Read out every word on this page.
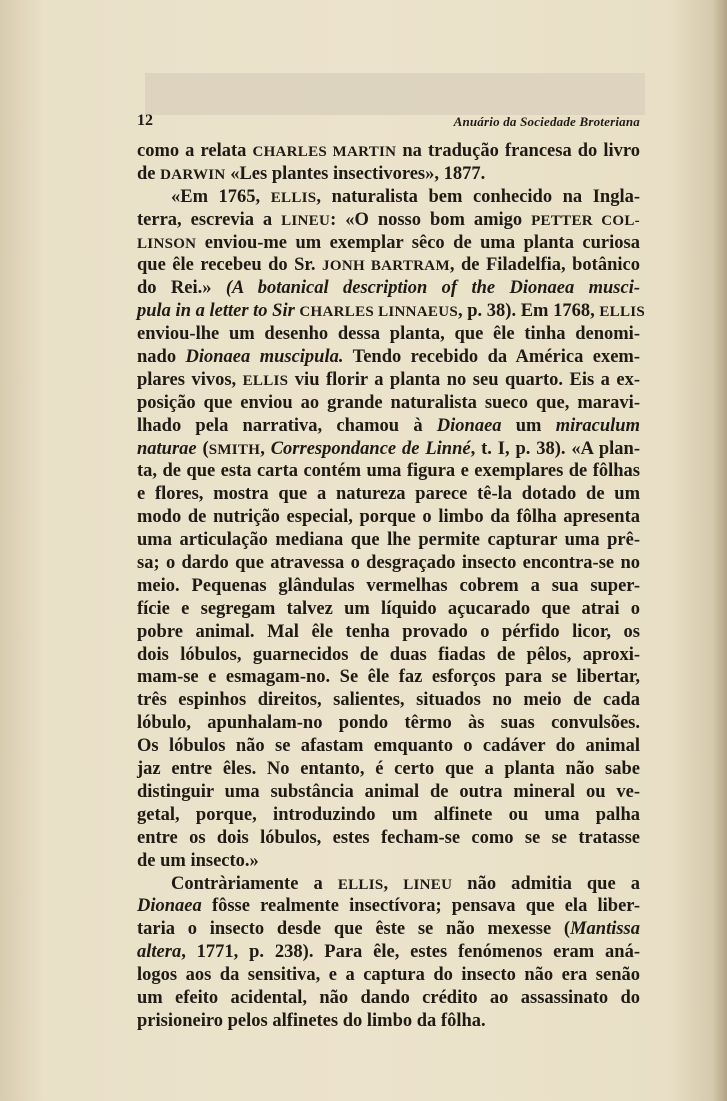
12	Anuário da Sociedade Broteriana
como a relata CHARLES MARTIN na tradução francesa do livro
de DARWIN «Les plantes insectivores», 1877.
«Em 1765, ELLIS, naturalista bem conhecido na Ingla-
terra, escrevia a LINEU: «O nosso bom amigo PETTER COL-
LINSON enviou-me um exemplar sêco de uma planta curiosa
que êle recebeu do Sr. JONH BARTRAM, de Filadelfia, botânico
do Rei.» (A botanical description of the Dionaea musci-
pula in a letter to Sir CHARLES LINNAEUS, p. 38). Em 1768, ELLIS
enviou-lhe um desenho dessa planta, que êle tinha denomi-
nado Dionaea muscipula. Tendo recebido da América exem-
plares vivos, ELLIS viu florir a planta no seu quarto. Eis a ex-
posição que enviou ao grande naturalista sueco que, maravi-
lhado pela narrativa, chamou à Dionaea um miraculum
naturae (SMITH, Correspondance de Linné, t. I, p. 38). «A plan-
ta, de que esta carta contém uma figura e exemplares de fôlhas
e flores, mostra que a natureza parece tê-la dotado de um
modo de nutrição especial, porque o limbo da fôlha apresenta
uma articulação mediana que lhe permite capturar uma prê-
sa; o dardo que atravessa o desgraçado insecto encontra-se no
meio. Pequenas glândulas vermelhas cobrem a sua super-
fície e segregam talvez um líquido açucarado que atrai o
pobre animal. Mal êle tenha provado o pérfido licor, os
dois lóbulos, guarnecidos de duas fiadas de pêlos, aproxi-
mam-se e esmagam-no. Se êle faz esforços para se libertar,
três espinhos direitos, salientes, situados no meio de cada
lóbulo, apunhalam-no pondo têrmo às suas convulsões.
Os lóbulos não se afastam emquanto o cadáver do animal
jaz entre êles. No entanto, é certo que a planta não sabe
distinguir uma substância animal de outra mineral ou ve-
getal, porque, introduzindo um alfinete ou uma palha
entre os dois lóbulos, estes fecham-se como se se tratasse
de um insecto.»
Contràriamente a ELLIS, LINEU não admitia que a
Dionaea fôsse realmente insectívora; pensava que ela liber-
taria o insecto desde que êste se não mexesse (Mantissa
altera, 1771, p. 238). Para êle, estes fenómenos eram aná-
logos aos da sensitiva, e a captura do insecto não era senão
um efeito acidental, não dando crédito ao assassinato do
prisioneiro pelos alfinetes do limbo da fôlha.
